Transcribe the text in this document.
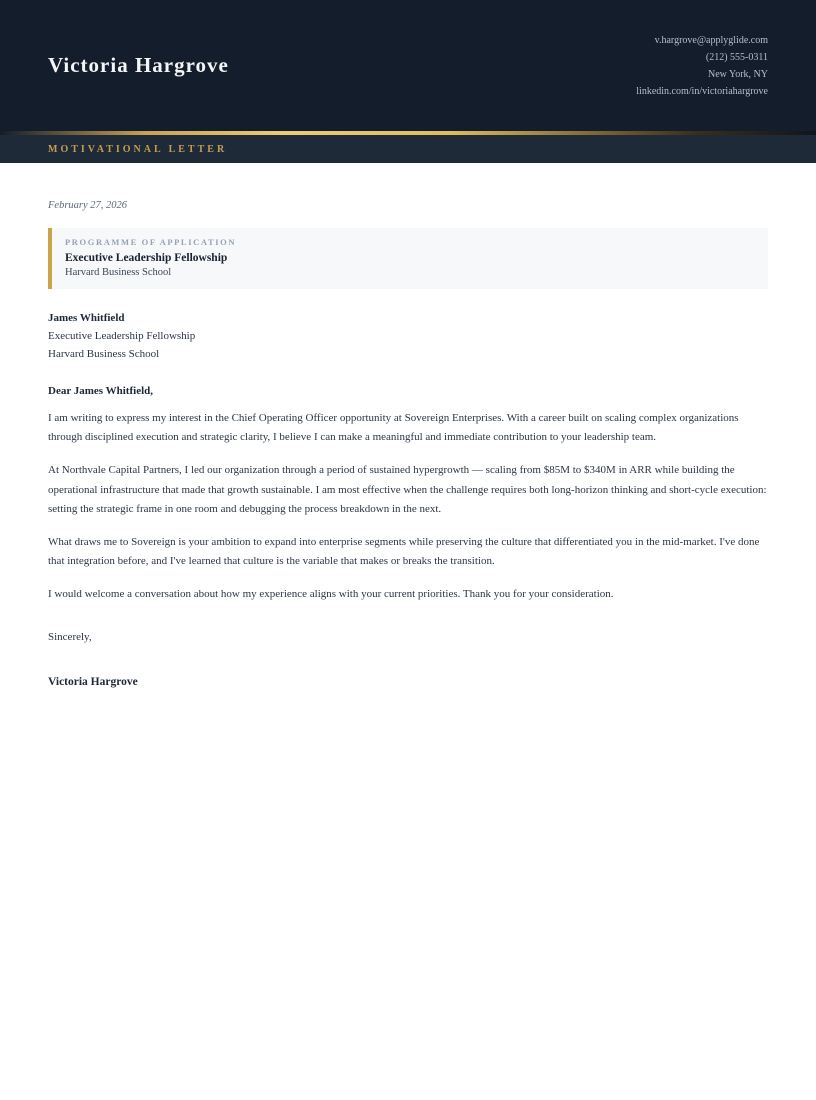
Victoria Hargrove
v.hargrove@applyglide.com
(212) 555-0311
New York, NY
linkedin.com/in/victoriahargrove
MOTIVATIONAL LETTER

February 27, 2026

PROGRAMME OF APPLICATION
Executive Leadership Fellowship
Harvard Business School
James Whitfield
Executive Leadership Fellowship
Harvard Business School

Dear James Whitfield,

I am writing to express my interest in the Chief Operating Officer opportunity at Sovereign Enterprises. With a career built on scaling complex organizations through disciplined execution and strategic clarity, I believe I can make a meaningful and immediate contribution to your leadership team.

At Northvale Capital Partners, I led our organization through a period of sustained hypergrowth — scaling from $85M to $340M in ARR while building the operational infrastructure that made that growth sustainable. I am most effective when the challenge requires both long-horizon thinking and short-cycle execution: setting the strategic frame in one room and debugging the process breakdown in the next.

What draws me to Sovereign is your ambition to expand into enterprise segments while preserving the culture that differentiated you in the mid-market. I've done that integration before, and I've learned that culture is the variable that makes or breaks the transition.

I would welcome a conversation about how my experience aligns with your current priorities. Thank you for your consideration.

Sincerely,

Victoria Hargrove
